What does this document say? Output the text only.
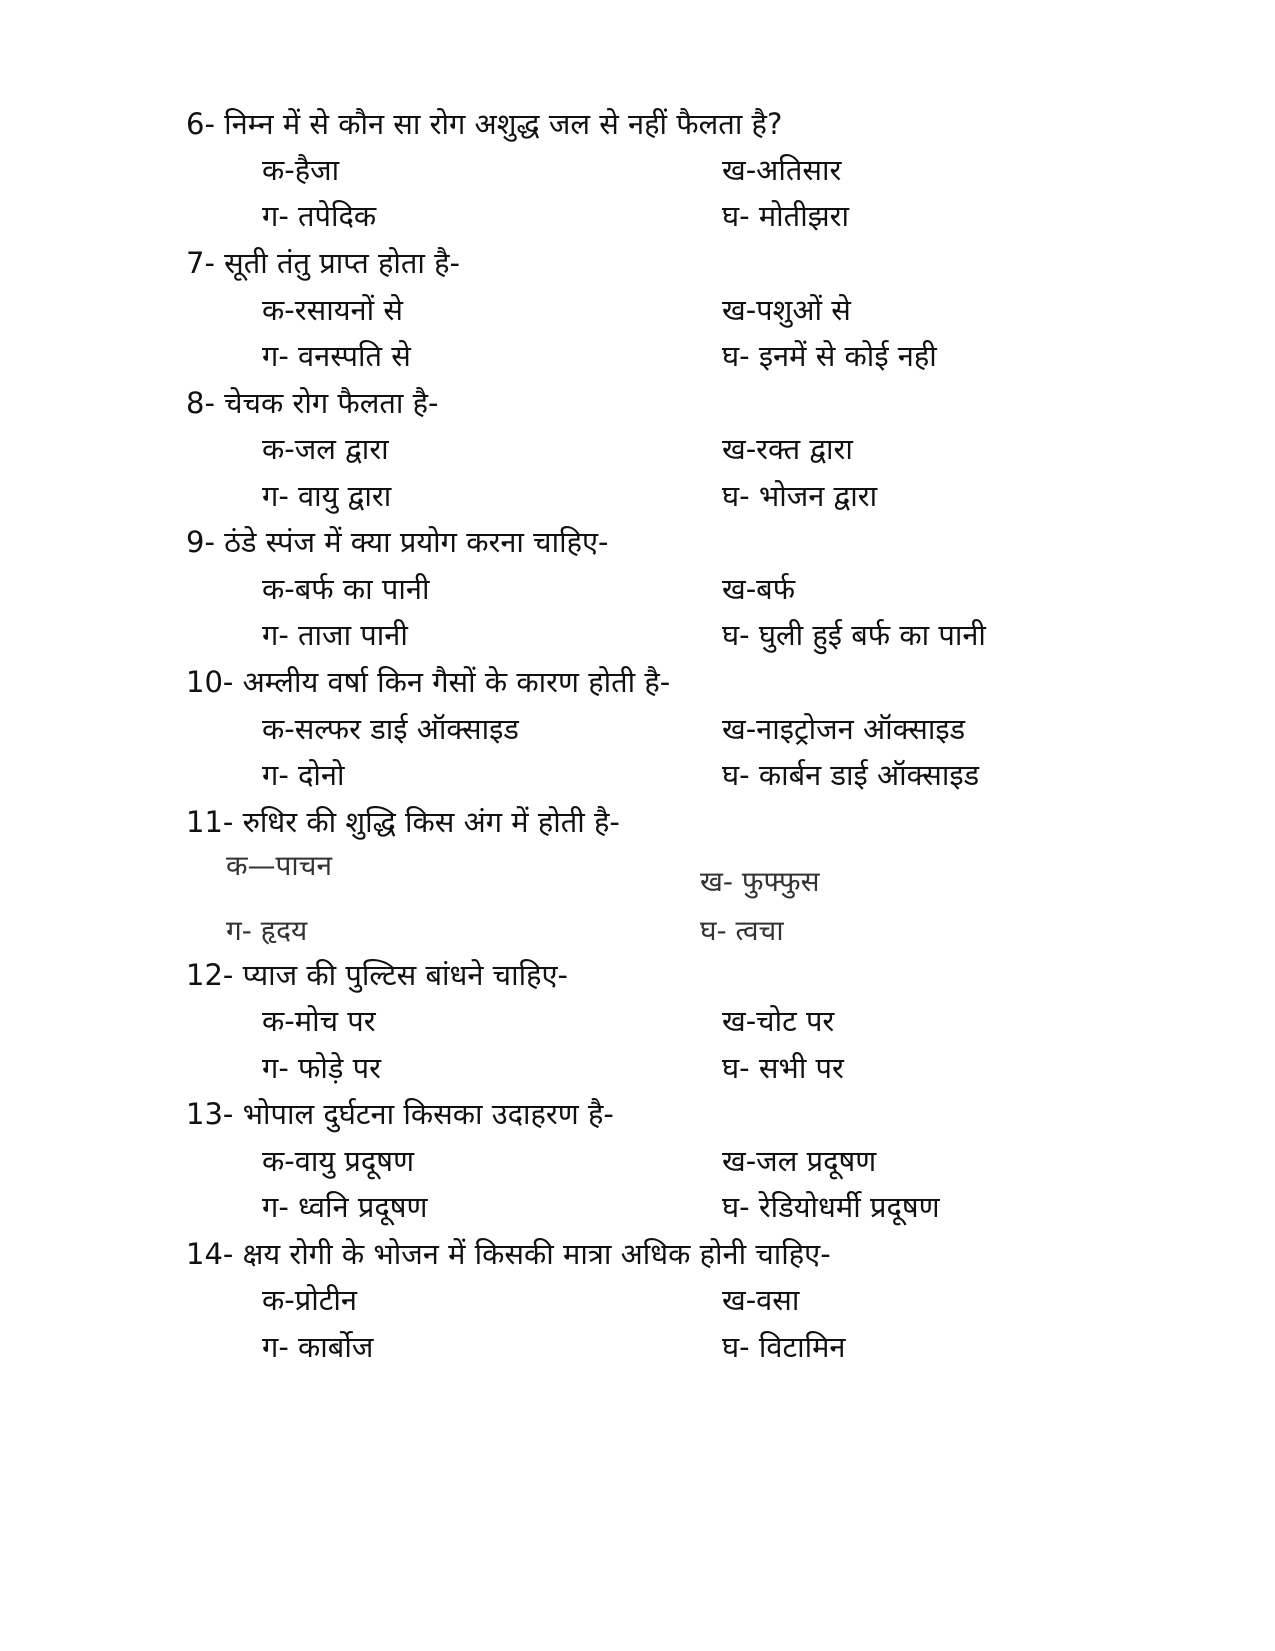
6- निम्न में से कौन सा रोग अशुद्ध जल से नहीं फैलता है?
क-हैजा	ख-अतिसार
ग- तपेदिक	घ- मोतीझरा
7- सूती तंतु प्राप्त होता है-
क-रसायनों से	ख-पशुओं से
ग- वनस्पति से	घ- इनमें से कोई नही
8- चेचक रोग फैलता है-
क-जल द्वारा	ख-रक्त द्वारा
ग- वायु द्वारा	घ- भोजन द्वारा
9- ठंडे स्पंज में क्या प्रयोग करना चाहिए-
क-बर्फ का पानी	ख-बर्फ
ग- ताजा पानी	घ- घुली हुई बर्फ का पानी
10- अम्लीय वर्षा किन गैसों के कारण होती है-
क-सल्फर डाई ऑक्साइड	ख-नाइट्रोजन ऑक्साइड
ग- दोनो	घ- कार्बन डाई ऑक्साइड
11- रुधिर की शुद्धि किस अंग में होती है-
क—पाचन	ख- फुफ्फुस
ग- हृदय	घ- त्वचा
12- प्याज की पुल्टिस बांधने चाहिए-
क-मोच पर	ख-चोट पर
ग- फोड़े पर	घ- सभी पर
13- भोपाल दुर्घटना किसका उदाहरण है-
क-वायु प्रदूषण	ख-जल प्रदूषण
ग- ध्वनि प्रदूषण	घ- रेडियोधर्मी प्रदूषण
14- क्षय रोगी के भोजन में किसकी मात्रा अधिक होनी चाहिए-
क-प्रोटीन	ख-वसा
ग- कार्बोज	घ- विटामिन
